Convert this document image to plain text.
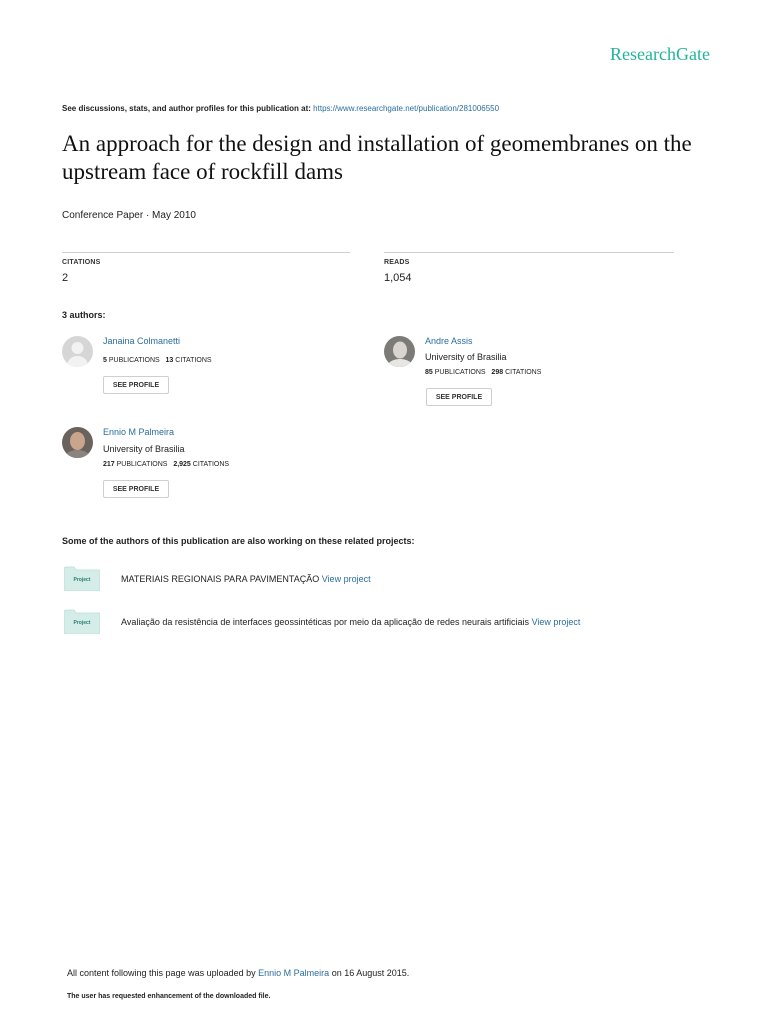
ResearchGate
See discussions, stats, and author profiles for this publication at: https://www.researchgate.net/publication/281006550
An approach for the design and installation of geomembranes on the upstream face of rockfill dams
Conference Paper · May 2010
CITATIONS
2
READS
1,054
3 authors:
Janaina Colmanetti
5 PUBLICATIONS 13 CITATIONS
SEE PROFILE
Andre Assis
University of Brasilia
85 PUBLICATIONS 298 CITATIONS
SEE PROFILE
Ennio M Palmeira
University of Brasilia
217 PUBLICATIONS 2,925 CITATIONS
SEE PROFILE
Some of the authors of this publication are also working on these related projects:
Project	MATERIAIS REGIONAIS PARA PAVIMENTAÇÃO View project
Project	Avaliação da resistência de interfaces geossintéticas por meio da aplicação de redes neurais artificiais View project
All content following this page was uploaded by Ennio M Palmeira on 16 August 2015.
The user has requested enhancement of the downloaded file.
